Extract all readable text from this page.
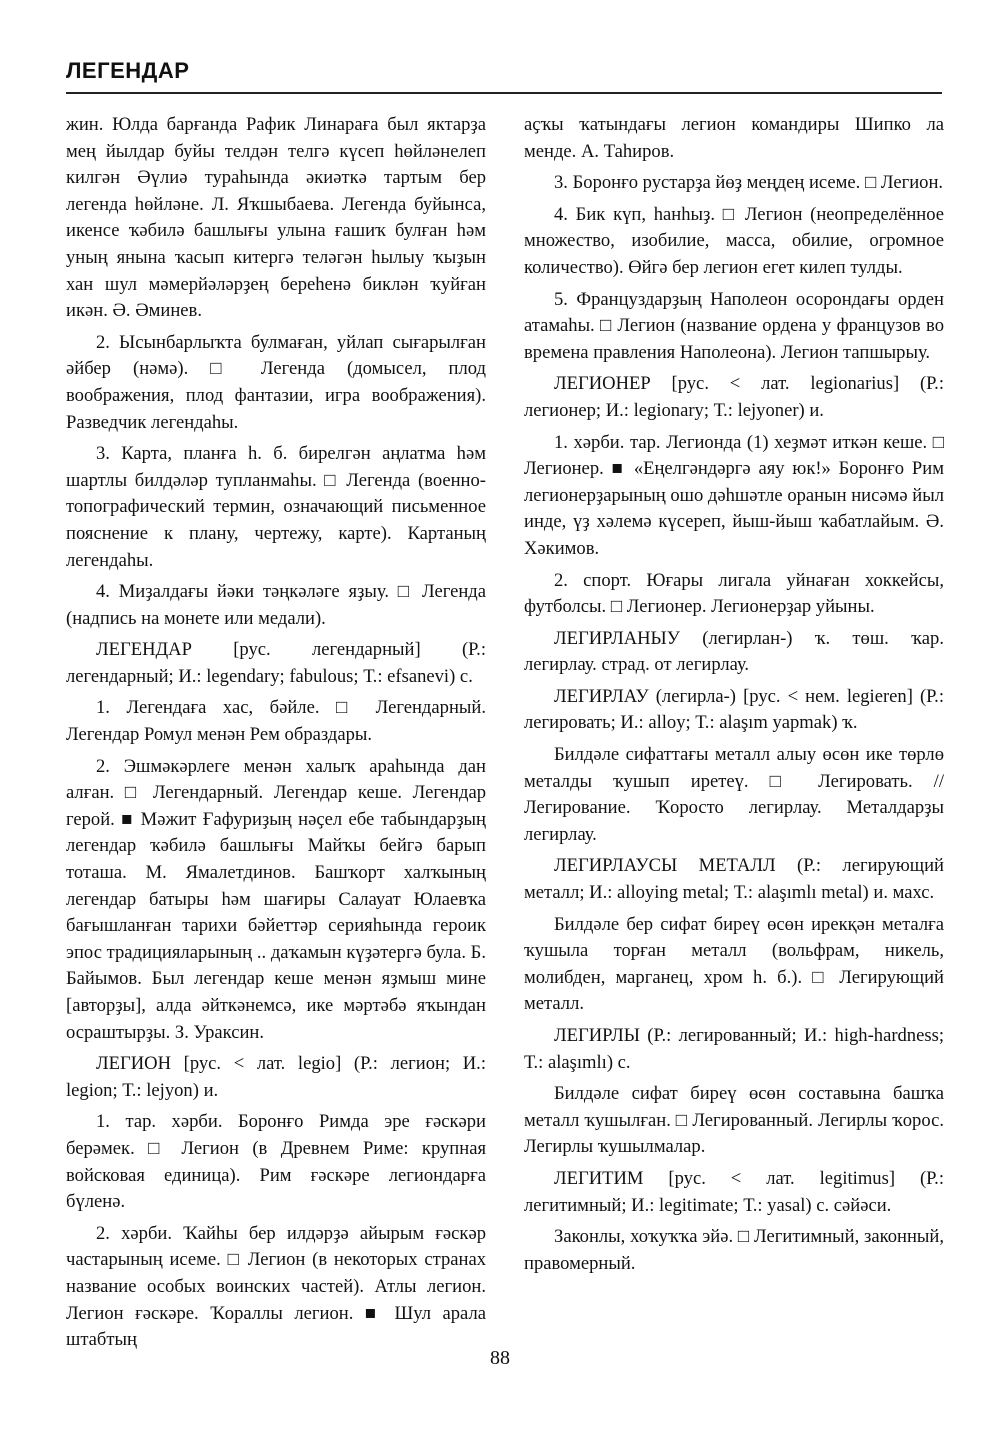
ЛЕГЕНДАР

жин. Юлда барғанда Рафик Линараға был яктарҙа мең йылдар буйы телдән телгә күсеп һөйләнелеп килгән Әүлиә тураһында әкиәткә тартым бер легенда һөйләне. Л. Яҡшыбаева. Легенда буйынса, икенсе ҡәбилә башлығы улына ғашиҡ булған һәм уның янына ҡасып китергә теләгән һылыу ҡыҙын хан шул мәмерйәләрҙең береһенә биклән ҡуйған икән. Ә. Әминев.

2. Ысынбарлыҡта булмаған, уйлап сығарылған әйбер (нәмә). □ Легенда (домысел, плод воображения, плод фантазии, игра воображения). Разведчик легендаһы.

3. Карта, планға һ. б. бирелгән аңлатма һәм шартлы билдәләр тупланмаһы. □ Легенда (военно-топографический термин, означающий письменное пояснение к плану, чертежу, карте). Картаның легендаһы.

4. Миҙалдағы йәки тәңкәләге яҙыу. □ Легенда (надпись на монете или медали).

ЛЕГЕНДАР [рус. легендарный] (Р.: легендарный; И.: legendary; fabulous; Т.: efsanevi) с.

1. Легендаға хас, бәйле. □ Легендарный. Легендар Ромул менән Рем образдары.

2. Эшмәкәрлеге менән халыҡ араһында дан алған. □ Легендарный. Легендар кеше. Легендар герой. ■ Мәжит Ғафуриҙың нәҫел ебе табындарҙың легендар ҡәбилә башлығы Майҡы бейгә барып тоташа. М. Ямалетдинов. Башҡорт халҡының легендар батыры һәм шағиры Салауат Юлаевҡа бағышланған тарихи бәйеттәр серияһында героик эпос традицияларының .. даҡамын күҙәтергә була. Б. Байымов. Был легендар кеше менән яҙмыш мине [авторҙы], алда әйткәнемсә, ике мәртәбә яҡындан осраштырҙы. З. Ураксин.

ЛЕГИОН [рус. < лат. legio] (Р.: легион; И.: legion; Т.: lejyon) и.

1. тар. хәрби. Боронғо Римда эре ғәскәри берәмек. □ Легион (в Древнем Риме: крупная войсковая единица). Рим ғәскәре легиондарға бүленә.

2. хәрби. Ҡайһы бер илдәрҙә айырым ғәскәр частарының исеме. □ Легион (в некоторых странах название особых воинских частей). Атлы легион. Легион ғәскәре. Ҡораллы легион. ■ Шул арала штабтың

аҫҡы ҡатындағы легион командиры Шипко ла менде. А. Таһиров.

3. Боронғо рустарҙа йөҙ меңдең исеме. □ Легион.

4. Бик күп, һанһыҙ. □ Легион (неопределённое множество, изобилие, масса, обилие, огромное количество). Өйгә бер легион егет килеп тулды.

5. Француздарҙың Наполеон осорондағы орден атамаһы. □ Легион (название ордена у французов во времена правления Наполеона). Легион тапшырыу.

ЛЕГИОНЕР [рус. < лат. legionarius] (Р.: легионер; И.: legionary; Т.: lejyoner) и.

1. хәрби. тар. Легионда (1) хеҙмәт иткән кеше. □ Легионер. ■ «Еңелгәндәргә аяу юк!» Боронғо Рим легионерҙарының ошо дәһшәтле оранын нисәмә йыл инде, үҙ хәлемә күсереп, йыш-йыш ҡабатлайым. Ә. Хәкимов.

2. спорт. Юғары лигала уйнаған хоккейсы, футболсы. □ Легионер. Легионерҙар уйыны.

ЛЕГИРЛАНЫУ (легирлан-) ҡ. төш. ҡар. легирлау. страд. от легирлау.

ЛЕГИРЛАУ (легирла-) [рус. < нем. legieren] (Р.: легировать; И.: alloy; Т.: alaşım yapmak) ҡ.

Билдәле сифаттағы металл алыу өсөн ике төрлө металды ҡушып иретеү. □ Легировать. // Легирование. Ҡоросто легирлау. Металдарҙы легирлау.

ЛЕГИРЛАУСЫ МЕТАЛЛ (Р.: легирующий металл; И.: alloying metal; Т.: alaşımlı metal) и. махс.

Билдәле бер сифат биреү өсөн ирекқән металға ҡушыла торған металл (вольфрам, никель, молибден, марганец, хром һ. б.). □ Легирующий металл.

ЛЕГИРЛЫ (Р.: легированный; И.: high-hardness; Т.: alaşımlı) с.

Билдәле сифат биреү өсөн составына башҡа металл ҡушылған. □ Легированный. Легирлы ҡорос. Легирлы ҡушылмалар.

ЛЕГИТИМ [рус. < лат. legitimus] (Р.: легитимный; И.: legitimate; Т.: yasal) с. сәйәси.

Законлы, хоҡуҡҡа эйә. □ Легитимный, законный, правомерный.

88
